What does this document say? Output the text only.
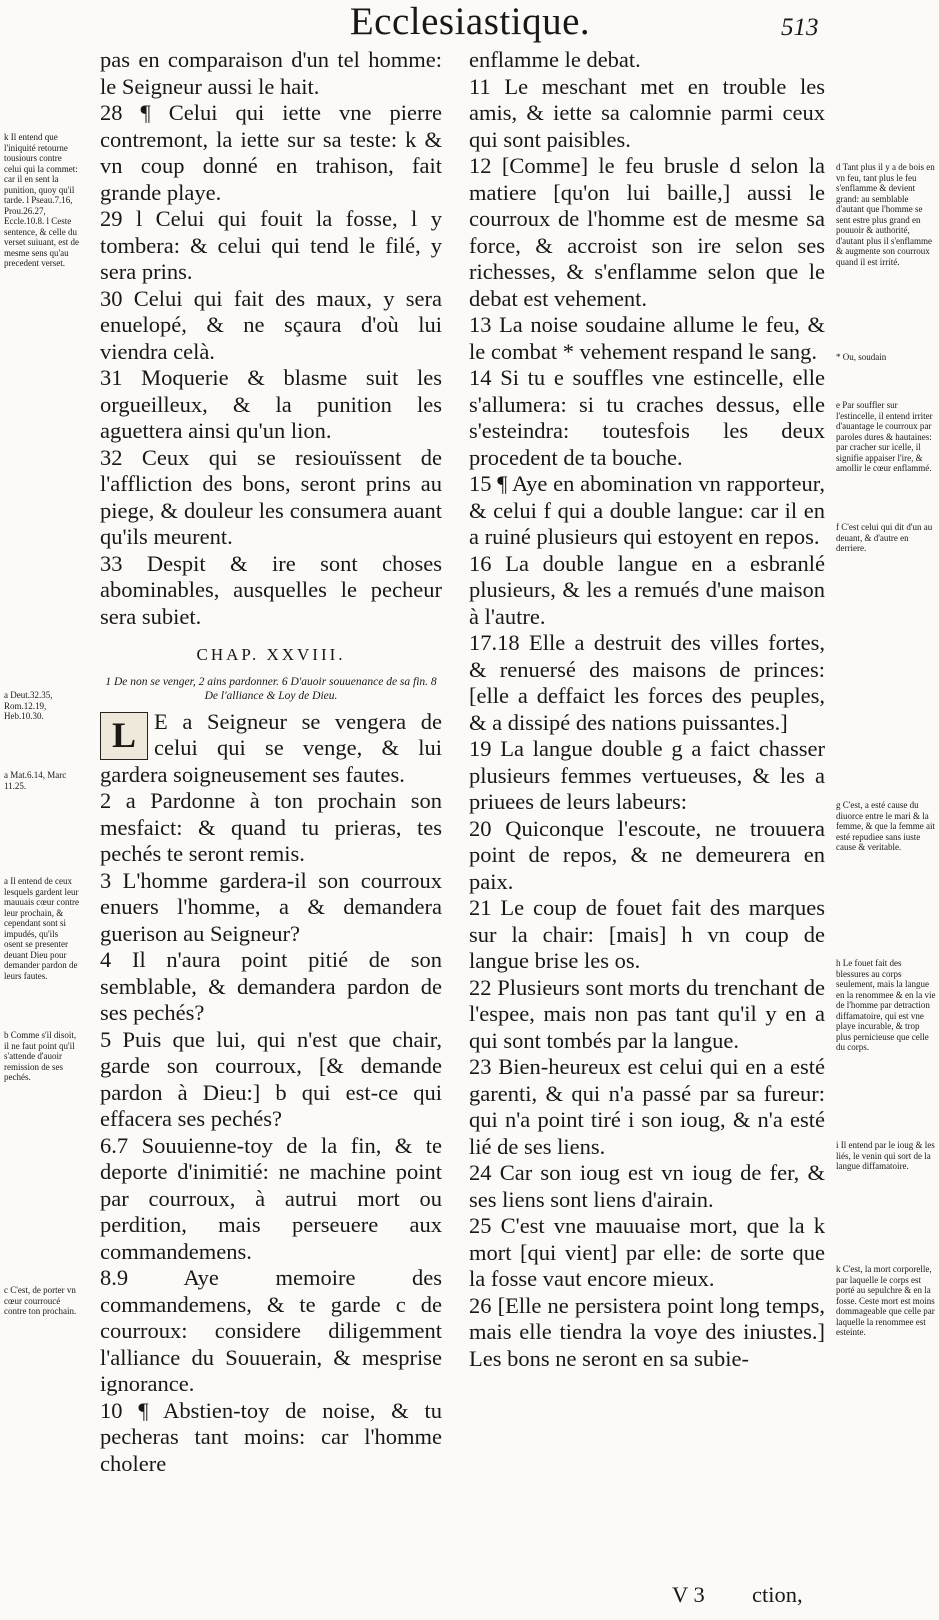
Ecclesiastique.	513

pas en comparaison d'un tel homme: le Seigneur aussi le hait.

28 ¶ Celui qui iette vne pierre contremont, la iette sur sa teste: k & vn coup donné en trahison, fait grande playe.

29 l Celui qui fouit la fosse, l y tombera: & celui qui tend le filé, y sera prins.

30 Celui qui fait des maux, y sera enuelopé, & ne sçaura d'où lui viendra celà.

31 Moquerie & blasme suit les orgueilleux, & la punition les aguettera ainsi qu'un lion.

32 Ceux qui se resiouïssent de l'affliction des bons, seront prins au piege, & douleur les consumera auant qu'ils meurent.

33 Despit & ire sont choses abominables, ausquelles le pecheur sera subiet.

CHAP. XXVIII.
1 De non se venger, 2 ains pardonner. 6 D'auoir souuenance de sa fin. 8 De l'alliance & Loy de Dieu.
L E a Seigneur se vengera de celui qui se venge, & lui gardera soigneusement ses fautes.

2 a Pardonne à ton prochain son mesfaict: & quand tu prieras, tes pechés te seront remis.

3 L'homme gardera-il son courroux enuers l'homme, a & demandera guerison au Seigneur?

4 Il n'aura point pitié de son semblable, & demandera pardon de ses pechés?

5 Puis que lui, qui n'est que chair, garde son courroux, [& demande pardon à Dieu:] b qui est-ce qui effacera ses pechés?

6.7 Souuienne-toy de la fin, & te deporte d'inimitié: ne machine point par courroux, à autrui mort ou perdition, mais perseuere aux commandemens.

8.9 Aye memoire des commandemens, & te garde c de courroux: considere diligemment l'alliance du Souuerain, & mesprise ignorance.

10 ¶ Abstien-toy de noise, & tu pecheras tant moins: car l'homme cholere

enflamme le debat.

11 Le meschant met en trouble les amis, & iette sa calomnie parmi ceux qui sont paisibles.

12 [Comme] le feu brusle d selon la matiere [qu'on lui baille,] aussi le courroux de l'homme est de mesme sa force, & accroist son ire selon ses richesses, & s'enflamme selon que le debat est vehement.

13 La noise soudaine allume le feu, & le combat * vehement respand le sang.

14 Si tu e souffles vne estincelle, elle s'allumera: si tu craches dessus, elle s'esteindra: toutesfois les deux procedent de ta bouche.

15 ¶ Aye en abomination vn rapporteur, & celui f qui a double langue: car il en a ruiné plusieurs qui estoyent en repos.

16 La double langue en a esbranlé plusieurs, & les a remués d'une maison à l'autre.

17.18 Elle a destruit des villes fortes, & renuersé des maisons de princes: [elle a deffaict les forces des peuples, & a dissipé des nations puissantes.]

19 La langue double g a faict chasser plusieurs femmes vertueuses, & les a priuees de leurs labeurs:

20 Quiconque l'escoute, ne trouuera point de repos, & ne demeurera en paix.

21 Le coup de fouet fait des marques sur la chair: [mais] h vn coup de langue brise les os.

22 Plusieurs sont morts du trenchant de l'espee, mais non pas tant qu'il y en a qui sont tombés par la langue.

23 Bien-heureux est celui qui en a esté garenti, & qui n'a passé par sa fureur: qui n'a point tiré i son ioug, & n'a esté lié de ses liens.

24 Car son ioug est vn ioug de fer, & ses liens sont liens d'airain.

25 C'est vne mauuaise mort, que la k mort [qui vient] par elle: de sorte que la fosse vaut encore mieux.

26 [Elle ne persistera point long temps, mais elle tiendra la voye des iniustes.] Les bons ne seront en sa subie-

k Il entend que l'iniquité retourne tousiours contre celui qui la commet: car il en sent la punition, quoy qu'il tarde. l Pseau.7.16, Prou.26.27, Eccle.10.8. l Ceste sentence, & celle du verset suiuant, est de mesme sens qu'au precedent verset.
a Deut.32.35, Rom.12.19, Heb.10.30.
a Mat.6.14, Marc 11.25.
a Il entend de ceux lesquels gardent leur mauuais cœur contre leur prochain, & cependant sont si impudés, qu'ils osent se presenter deuant Dieu pour demander pardon de leurs fautes.
b Comme s'il disoit, il ne faut point qu'il s'attende d'auoir remission de ses pechés.
c C'est, de porter vn cœur courroucé contre ton prochain.
d Tant plus il y a de bois en vn feu, tant plus le feu s'enflamme & devient grand: au semblable d'autant que l'homme se sent estre plus grand en pouuoir & authorité, d'autant plus il s'enflamme & augmente son courroux quand il est irrité.
* Ou, soudain
e Par souffler sur l'estincelle, il entend irriter d'auantage le courroux par paroles dures & hautaines: par cracher sur icelle, il signifie appaiser l'ire, & amollir le cœur enflammé.
f C'est celui qui dit d'un au deuant, & d'autre en derriere.
g C'est, a esté cause du diuorce entre le mari & la femme, & que la femme ait esté repudiee sans iuste cause & veritable.
h Le fouet fait des blessures au corps seulement, mais la langue en la renommee & en la vie de l'homme par detraction diffamatoire, qui est vne playe incurable, & trop plus pernicieuse que celle du corps.
i Il entend par le ioug & les liés, le venin qui sort de la langue diffamatoire.
k C'est, la mort corporelle, par laquelle le corps est porté au sepulchre & en la fosse. Ceste mort est moins dommageable que celle par laquelle la renommee est esteinte.
V 3 ction,
